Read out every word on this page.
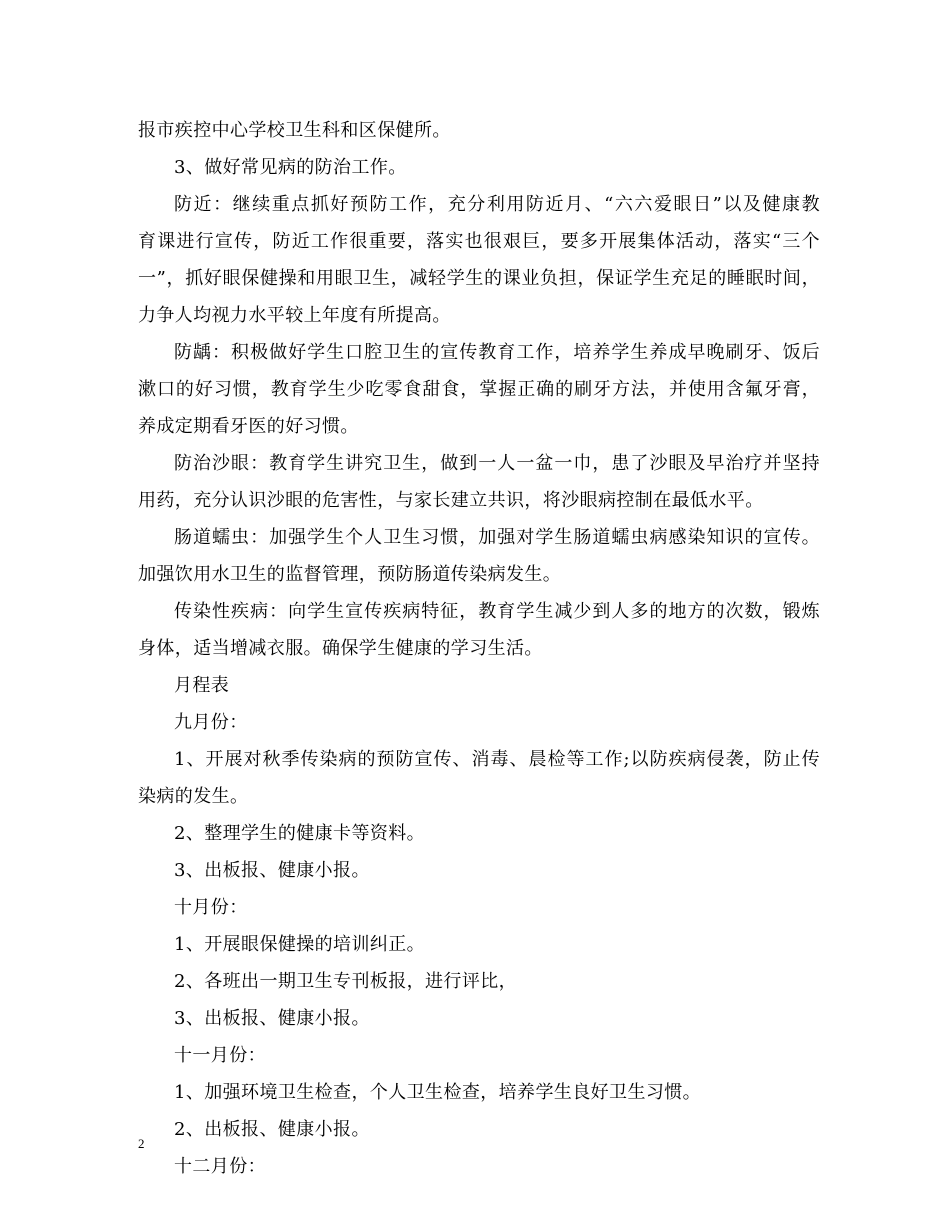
报市疾控中心学校卫生科和区保健所。
3、做好常见病的防治工作。
防近：继续重点抓好预防工作，充分利用防近月、“六六爱眼日”以及健康教
育课进行宣传，防近工作很重要，落实也很艰巨，要多开展集体活动，落实“三个
一”，抓好眼保健操和用眼卫生，减轻学生的课业负担，保证学生充足的睡眠时间，
力争人均视力水平较上年度有所提高。
防龋：积极做好学生口腔卫生的宣传教育工作，培养学生养成早晚刷牙、饭后
漱口的好习惯，教育学生少吃零食甜食，掌握正确的刷牙方法，并使用含氟牙膏，
养成定期看牙医的好习惯。
防治沙眼：教育学生讲究卫生，做到一人一盆一巾，患了沙眼及早治疗并坚持
用药，充分认识沙眼的危害性，与家长建立共识，将沙眼病控制在最低水平。
肠道蠕虫：加强学生个人卫生习惯，加强对学生肠道蠕虫病感染知识的宣传。
加强饮用水卫生的监督管理，预防肠道传染病发生。
传染性疾病：向学生宣传疾病特征，教育学生减少到人多的地方的次数，锻炼
身体，适当增减衣服。确保学生健康的学习生活。
月程表
九月份：
1、开展对秋季传染病的预防宣传、消毒、晨检等工作;以防疾病侵袭，防止传
染病的发生。
2、整理学生的健康卡等资料。
3、出板报、健康小报。
十月份：
1、开展眼保健操的培训纠正。
2、各班出一期卫生专刊板报，进行评比，
3、出板报、健康小报。
十一月份：
1、加强环境卫生检查，个人卫生检查，培养学生良好卫生习惯。
2、出板报、健康小报。
十二月份：
2
